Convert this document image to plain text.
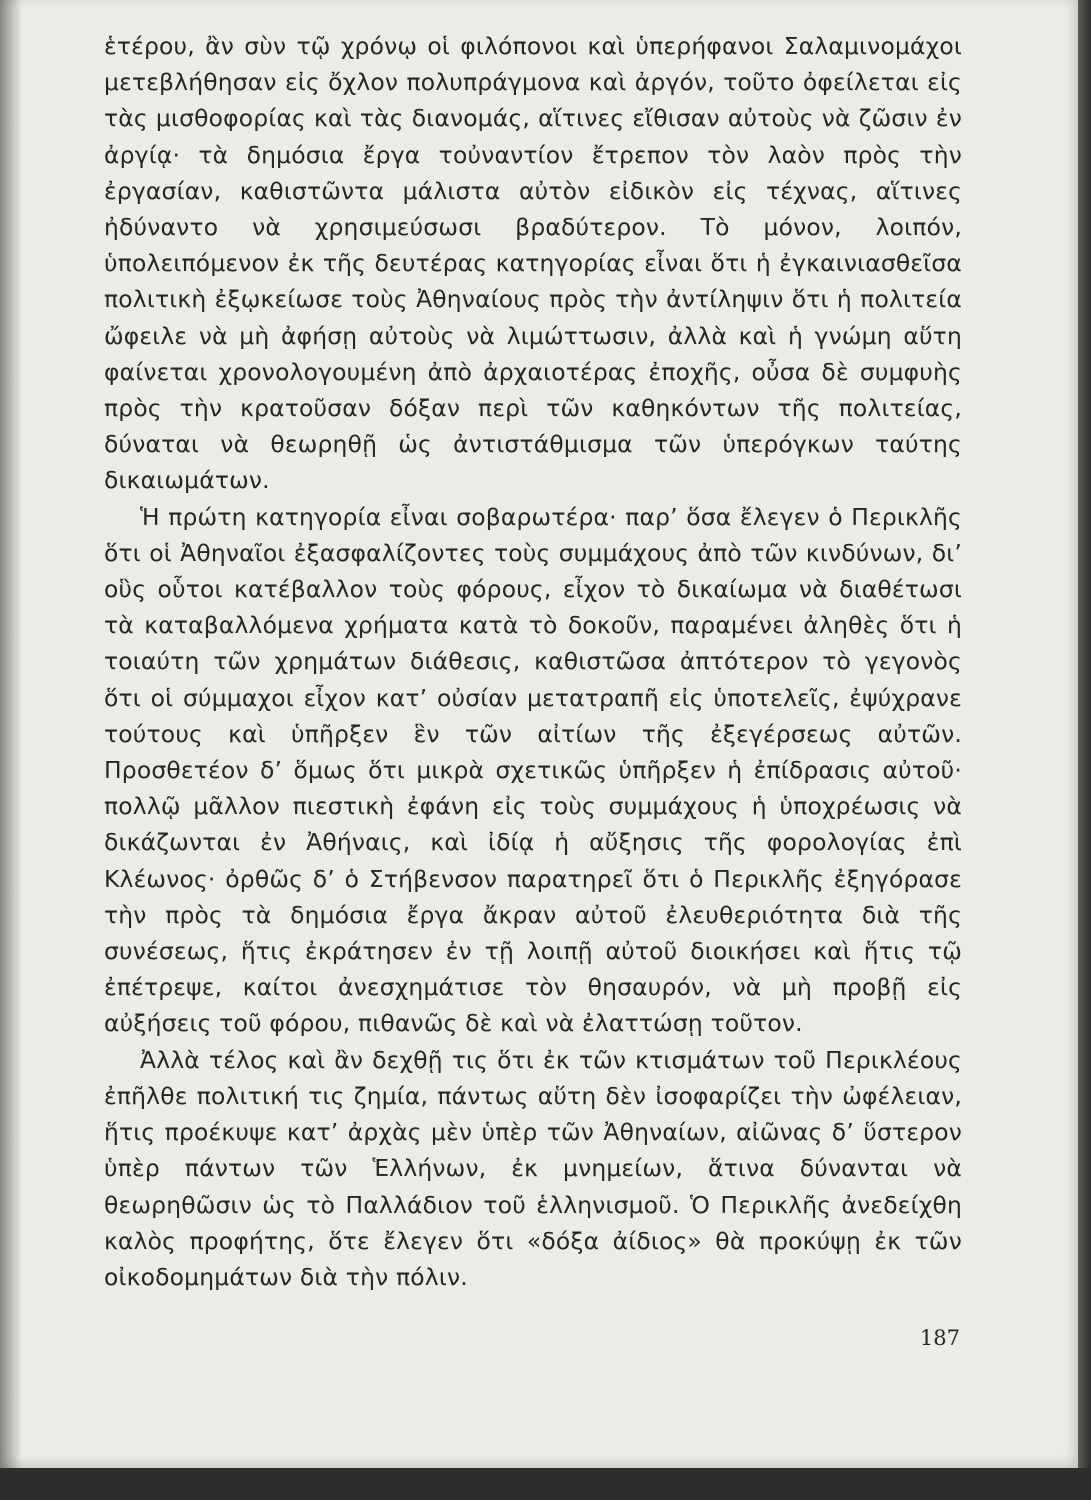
ἑτέρου, ἂν σὺν τῷ χρόνῳ οἱ φιλόπονοι καὶ ὑπερήφανοι Σαλαμινομάχοι μετεβλήθησαν εἰς ὄχλον πολυπράγμονα καὶ ἀργόν, τοῦτο ὀφείλεται εἰς τὰς μισθοφορίας καὶ τὰς διανομάς, αἵτινες εἴθισαν αὐτοὺς νὰ ζῶσιν ἐν ἀργίᾳ· τὰ δημόσια ἔργα τοὐναντίον ἔτρεπον τὸν λαὸν πρὸς τὴν ἐργασίαν, καθιστῶντα μάλιστα αὐτὸν εἰδικὸν εἰς τέχνας, αἵτινες ἠδύναντο νὰ χρησιμεύσωσι βραδύτερον. Τὸ μόνον, λοιπόν, ὑπολειπόμενον ἐκ τῆς δευτέρας κατηγορίας εἶναι ὅτι ἡ ἐγκαινιασθεῖσα πολιτικὴ ἐξῳκείωσε τοὺς Ἀθηναίους πρὸς τὴν ἀντίληψιν ὅτι ἡ πολιτεία ὤφειλε νὰ μὴ ἀφήσῃ αὐτοὺς νὰ λιμώττωσιν, ἀλλὰ καὶ ἡ γνώμη αὕτη φαίνεται χρονολογουμένη ἀπὸ ἀρχαιοτέρας ἐποχῆς, οὖσα δὲ συμφυὴς πρὸς τὴν κρατοῦσαν δόξαν περὶ τῶν καθηκόντων τῆς πολιτείας, δύναται νὰ θεωρηθῇ ὡς ἀντιστάθμισμα τῶν ὑπερόγκων ταύτης δικαιωμάτων.

Ἡ πρώτη κατηγορία εἶναι σοβαρωτέρα· παρ’ ὅσα ἔλεγεν ὁ Περικλῆς ὅτι οἱ Ἀθηναῖοι ἐξασφαλίζοντες τοὺς συμμάχους ἀπὸ τῶν κινδύνων, δι’ οὓς οὗτοι κατέβαλλον τοὺς φόρους, εἶχον τὸ δικαίωμα νὰ διαθέτωσι τὰ καταβαλλόμενα χρήματα κατὰ τὸ δοκοῦν, παραμένει ἀληθὲς ὅτι ἡ τοιαύτη τῶν χρημάτων διάθεσις, καθιστῶσα ἀπτότερον τὸ γεγονὸς ὅτι οἱ σύμμαχοι εἶχον κατ’ οὐσίαν μετατραπῆ εἰς ὑποτελεῖς, ἐψύχρανε τούτους καὶ ὑπῆρξεν ἓν τῶν αἰτίων τῆς ἐξεγέρσεως αὐτῶν. Προσθετέον δ’ ὅμως ὅτι μικρὰ σχετικῶς ὑπῆρξεν ἡ ἐπίδρασις αὐτοῦ· πολλῷ μᾶλλον πιεστικὴ ἐφάνη εἰς τοὺς συμμάχους ἡ ὑποχρέωσις νὰ δικάζωνται ἐν Ἀθήναις, καὶ ἰδίᾳ ἡ αὔξησις τῆς φορολογίας ἐπὶ Κλέωνος· ὀρθῶς δ’ ὁ Στήβενσον παρατηρεῖ ὅτι ὁ Περικλῆς ἐξηγόρασε τὴν πρὸς τὰ δημόσια ἔργα ἄκραν αὐτοῦ ἐλευθεριότητα διὰ τῆς συνέσεως, ἥτις ἐκράτησεν ἐν τῇ λοιπῇ αὐτοῦ διοικήσει καὶ ἥτις τῷ ἐπέτρεψε, καίτοι ἀνεσχημάτισε τὸν θησαυρόν, νὰ μὴ προβῇ εἰς αὐξήσεις τοῦ φόρου, πιθανῶς δὲ καὶ νὰ ἐλαττώσῃ τοῦτον.

Ἀλλὰ τέλος καὶ ἂν δεχθῇ τις ὅτι ἐκ τῶν κτισμάτων τοῦ Περικλέους ἐπῆλθε πολιτική τις ζημία, πάντως αὕτη δὲν ἰσοφαρίζει τὴν ὠφέλειαν, ἥτις προέκυψε κατ’ ἀρχὰς μὲν ὑπὲρ τῶν Ἀθηναίων, αἰῶνας δ’ ὕστερον ὑπὲρ πάντων τῶν Ἑλλήνων, ἐκ μνημείων, ἅτινα δύνανται νὰ θεωρηθῶσιν ὡς τὸ Παλλάδιον τοῦ ἑλληνισμοῦ. Ὁ Περικλῆς ἀνεδείχθη καλὸς προφήτης, ὅτε ἔλεγεν ὅτι «δόξα ἀίδιος» θὰ προκύψῃ ἐκ τῶν οἰκοδομημάτων διὰ τὴν πόλιν.

187
